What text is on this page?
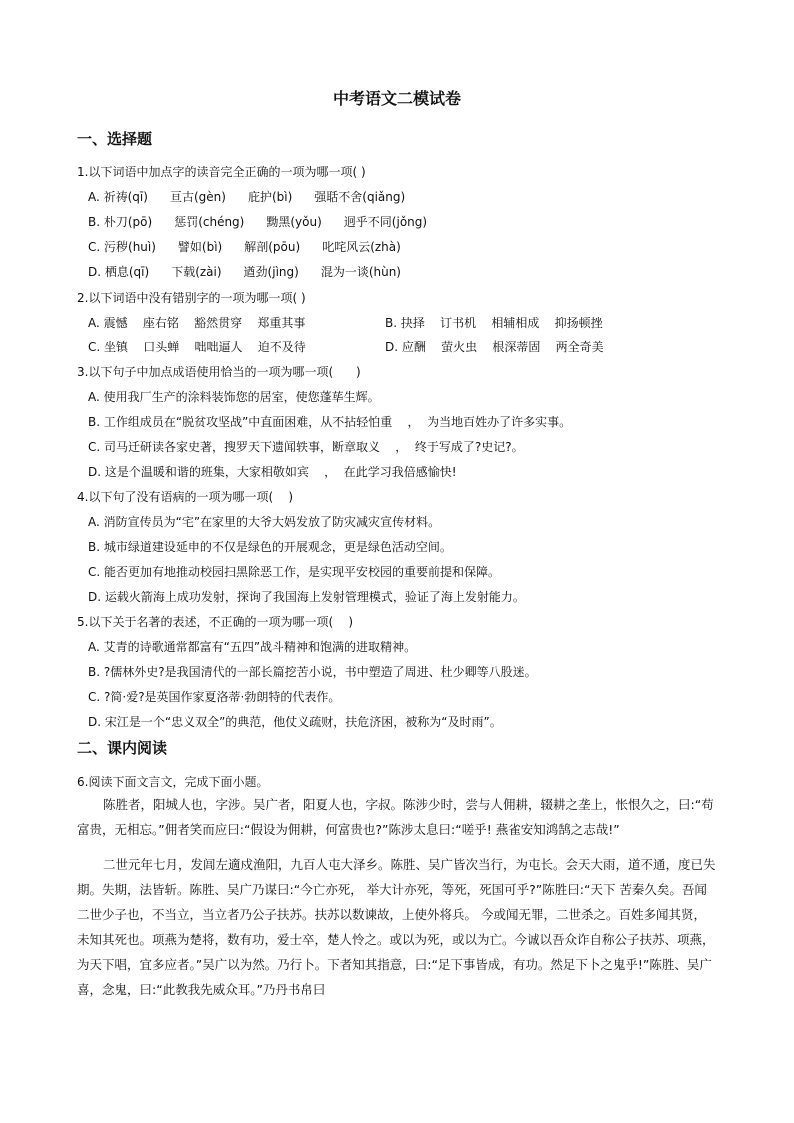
中考语文二模试卷
一、选择题
1.以下词语中加点字的读音完全正确的一项为哪一项( )
A. 祈祷(qī) 亘古(gèn) 庇护(bì) 强聒不舍(qiǎng)
B. 朴刀(pō) 惩罚(chéng) 黝黑(yǒu) 迥乎不同(jǒng)
C. 污秽(huì) 譬如(bì) 解剖(pōu) 叱咤风云(zhà)
D. 栖息(qī) 下载(zài) 遒劲(jìng) 混为一谈(hùn)
2.以下词语中没有错别字的一项为哪一项( )
A. 震憾    座右铭    豁然贯穿    郑重其事	B. 抉择    订书机    相辅相成    抑扬顿挫
C. 坐镇    口头蝉    咄咄逼人    迫不及待	D. 应酬    萤火虫    根深蒂固    两全奇美
3.以下句子中加点成语使用恰当的一项为哪一项(      )
A. 使用我厂生产的涂料装饰您的居室，使您蓬荜生辉。
B. 工作组成员在“脱贫攻坚战”中直面困难，从不拈轻怕重    ，  为当地百姓办了许多实事。
C. 司马迁研读各家史著，搜罗天下遗闻轶事，断章取义    ，  终于写成了?史记?。
D. 这是个温暖和谐的班集，大家相敬如宾    ，  在此学习我倍感愉快!
4.以下句了没有语病的一项为哪一项(    )
A. 消防宣传员为“宅”在家里的大爷大妈发放了防灾减灾宣传材料。
B. 城市绿道建设延申的不仅是绿色的开展观念，更是绿色活动空间。
C. 能否更加有地推动校园扫黑除恶工作，是实现平安校园的重要前提和保障。
D. 运载火箭海上成功发射，探询了我国海上发射管理模式，验证了海上发射能力。
5.以下关于名著的表述，不正确的一项为哪一项(    )
A. 艾青的诗歌通常都富有“五四”战斗精神和饱满的进取精神。
B. ?儒林外史?是我国清代的一部长篇挖苦小说，书中塑造了周进、杜少卿等八股迷。
C. ?简·爱?是英国作家夏洛蒂·勃朗特的代表作。
D. 宋江是一个“忠义双全”的典范，他仗义疏财，扶危济困，被称为“及时雨”。
二、课内阅读
6.阅读下面文言文，完成下面小题。

陈胜者，阳城人也，字涉。吴广者，阳夏人也，字叔。陈涉少时，尝与人佣耕，辍耕之垄上，怅恨久之，曰:“苟富贵，无相忘。”佣者笑而应曰:“假设为佣耕，何富贵也?”陈涉太息曰:“嗟乎! 燕雀安知鸿鹄之志哉!”

二世元年七月，发闾左適戍渔阳，九百人屯大泽乡。陈胜、吴广皆次当行，为屯长。会天大雨，道不通，度已失期。失期，法皆斩。陈胜、吴广乃谋曰:“今亡亦死， 举大计亦死，等死，死国可乎?”陈胜曰:“天下 苦秦久矣。吾闻二世少子也，不当立，当立者乃公子扶苏。扶苏以数谏故，上使外将兵。 今或闻无罪，二世杀之。百姓多闻其贤，未知其死也。项燕为楚将，数有功，爱士卒，楚人怜之。或以为死，或以为亡。今诚以吾众诈自称公子扶苏、项燕，为天下唱，宜多应者。”吴广以为然。乃行卜。下者知其指意，曰:“足下事皆成，有功。然足下卜之鬼乎!”陈胜、吴广喜，念鬼，曰:“此教我先威众耳。”乃丹书帛曰
